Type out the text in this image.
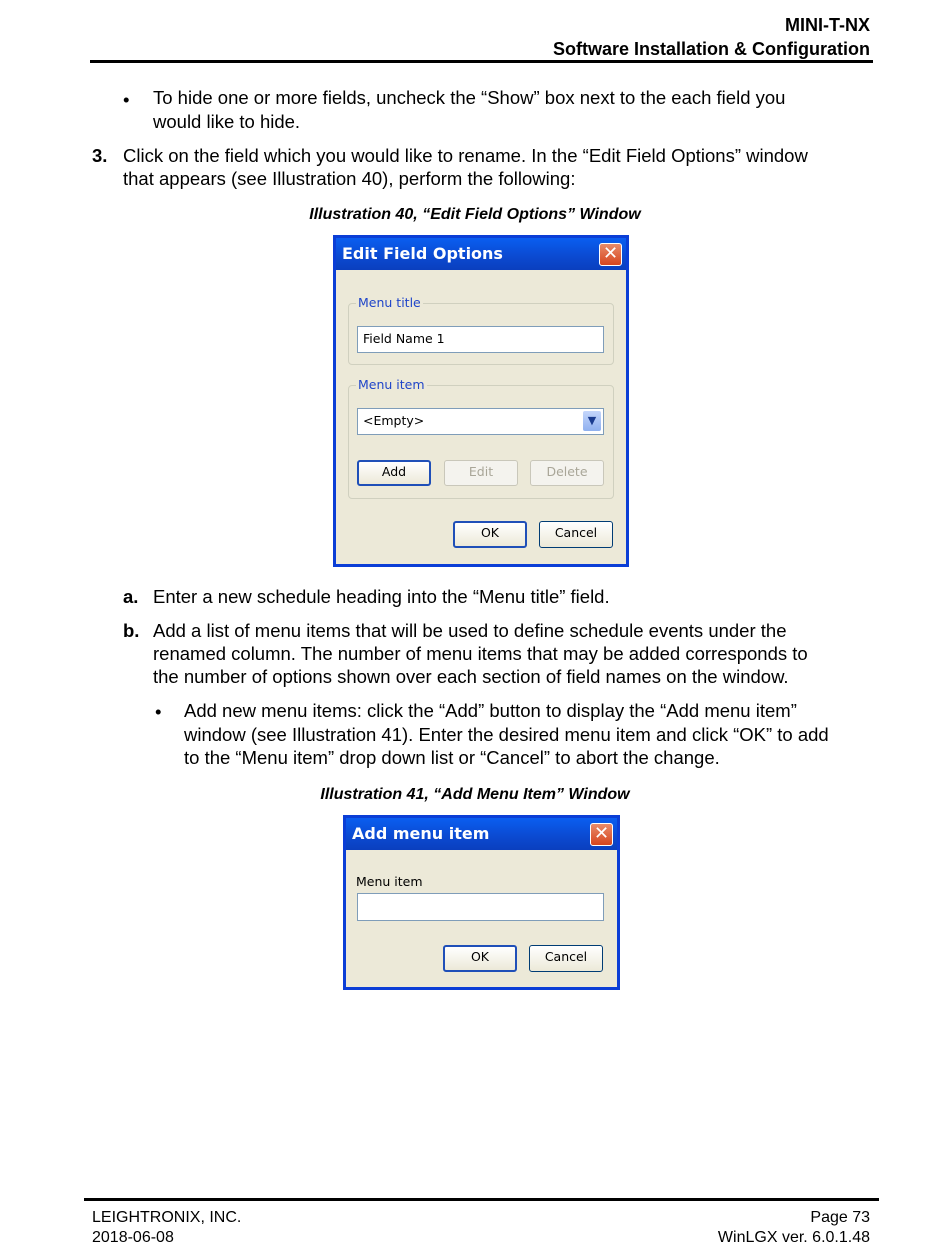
MINI-T-NX
Software Installation & Configuration
• To hide one or more fields, uncheck the “Show” box next to the each field you
would like to hide.
3. Click on the field which you would like to rename. In the “Edit Field Options” window
that appears (see Illustration 40), perform the following:
Illustration 40, “Edit Field Options” Window
Edit Field Options	✕
Menu title
Field Name 1
Menu item
<Empty>	▼
Add	Edit	Delete
OK	Cancel
a. Enter a new schedule heading into the “Menu title” field.
b. Add a list of menu items that will be used to define schedule events under the
renamed column. The number of menu items that may be added corresponds to
the number of options shown over each section of field names on the window.
• Add new menu items: click the “Add” button to display the “Add menu item”
window (see Illustration 41). Enter the desired menu item and click “OK” to add
to the “Menu item” drop down list or “Cancel” to abort the change.
Illustration 41, “Add Menu Item” Window
Add menu item	✕
Menu item
OK	Cancel
LEIGHTRONIX, INC.
2018-06-08
Page 73
WinLGX ver. 6.0.1.48
